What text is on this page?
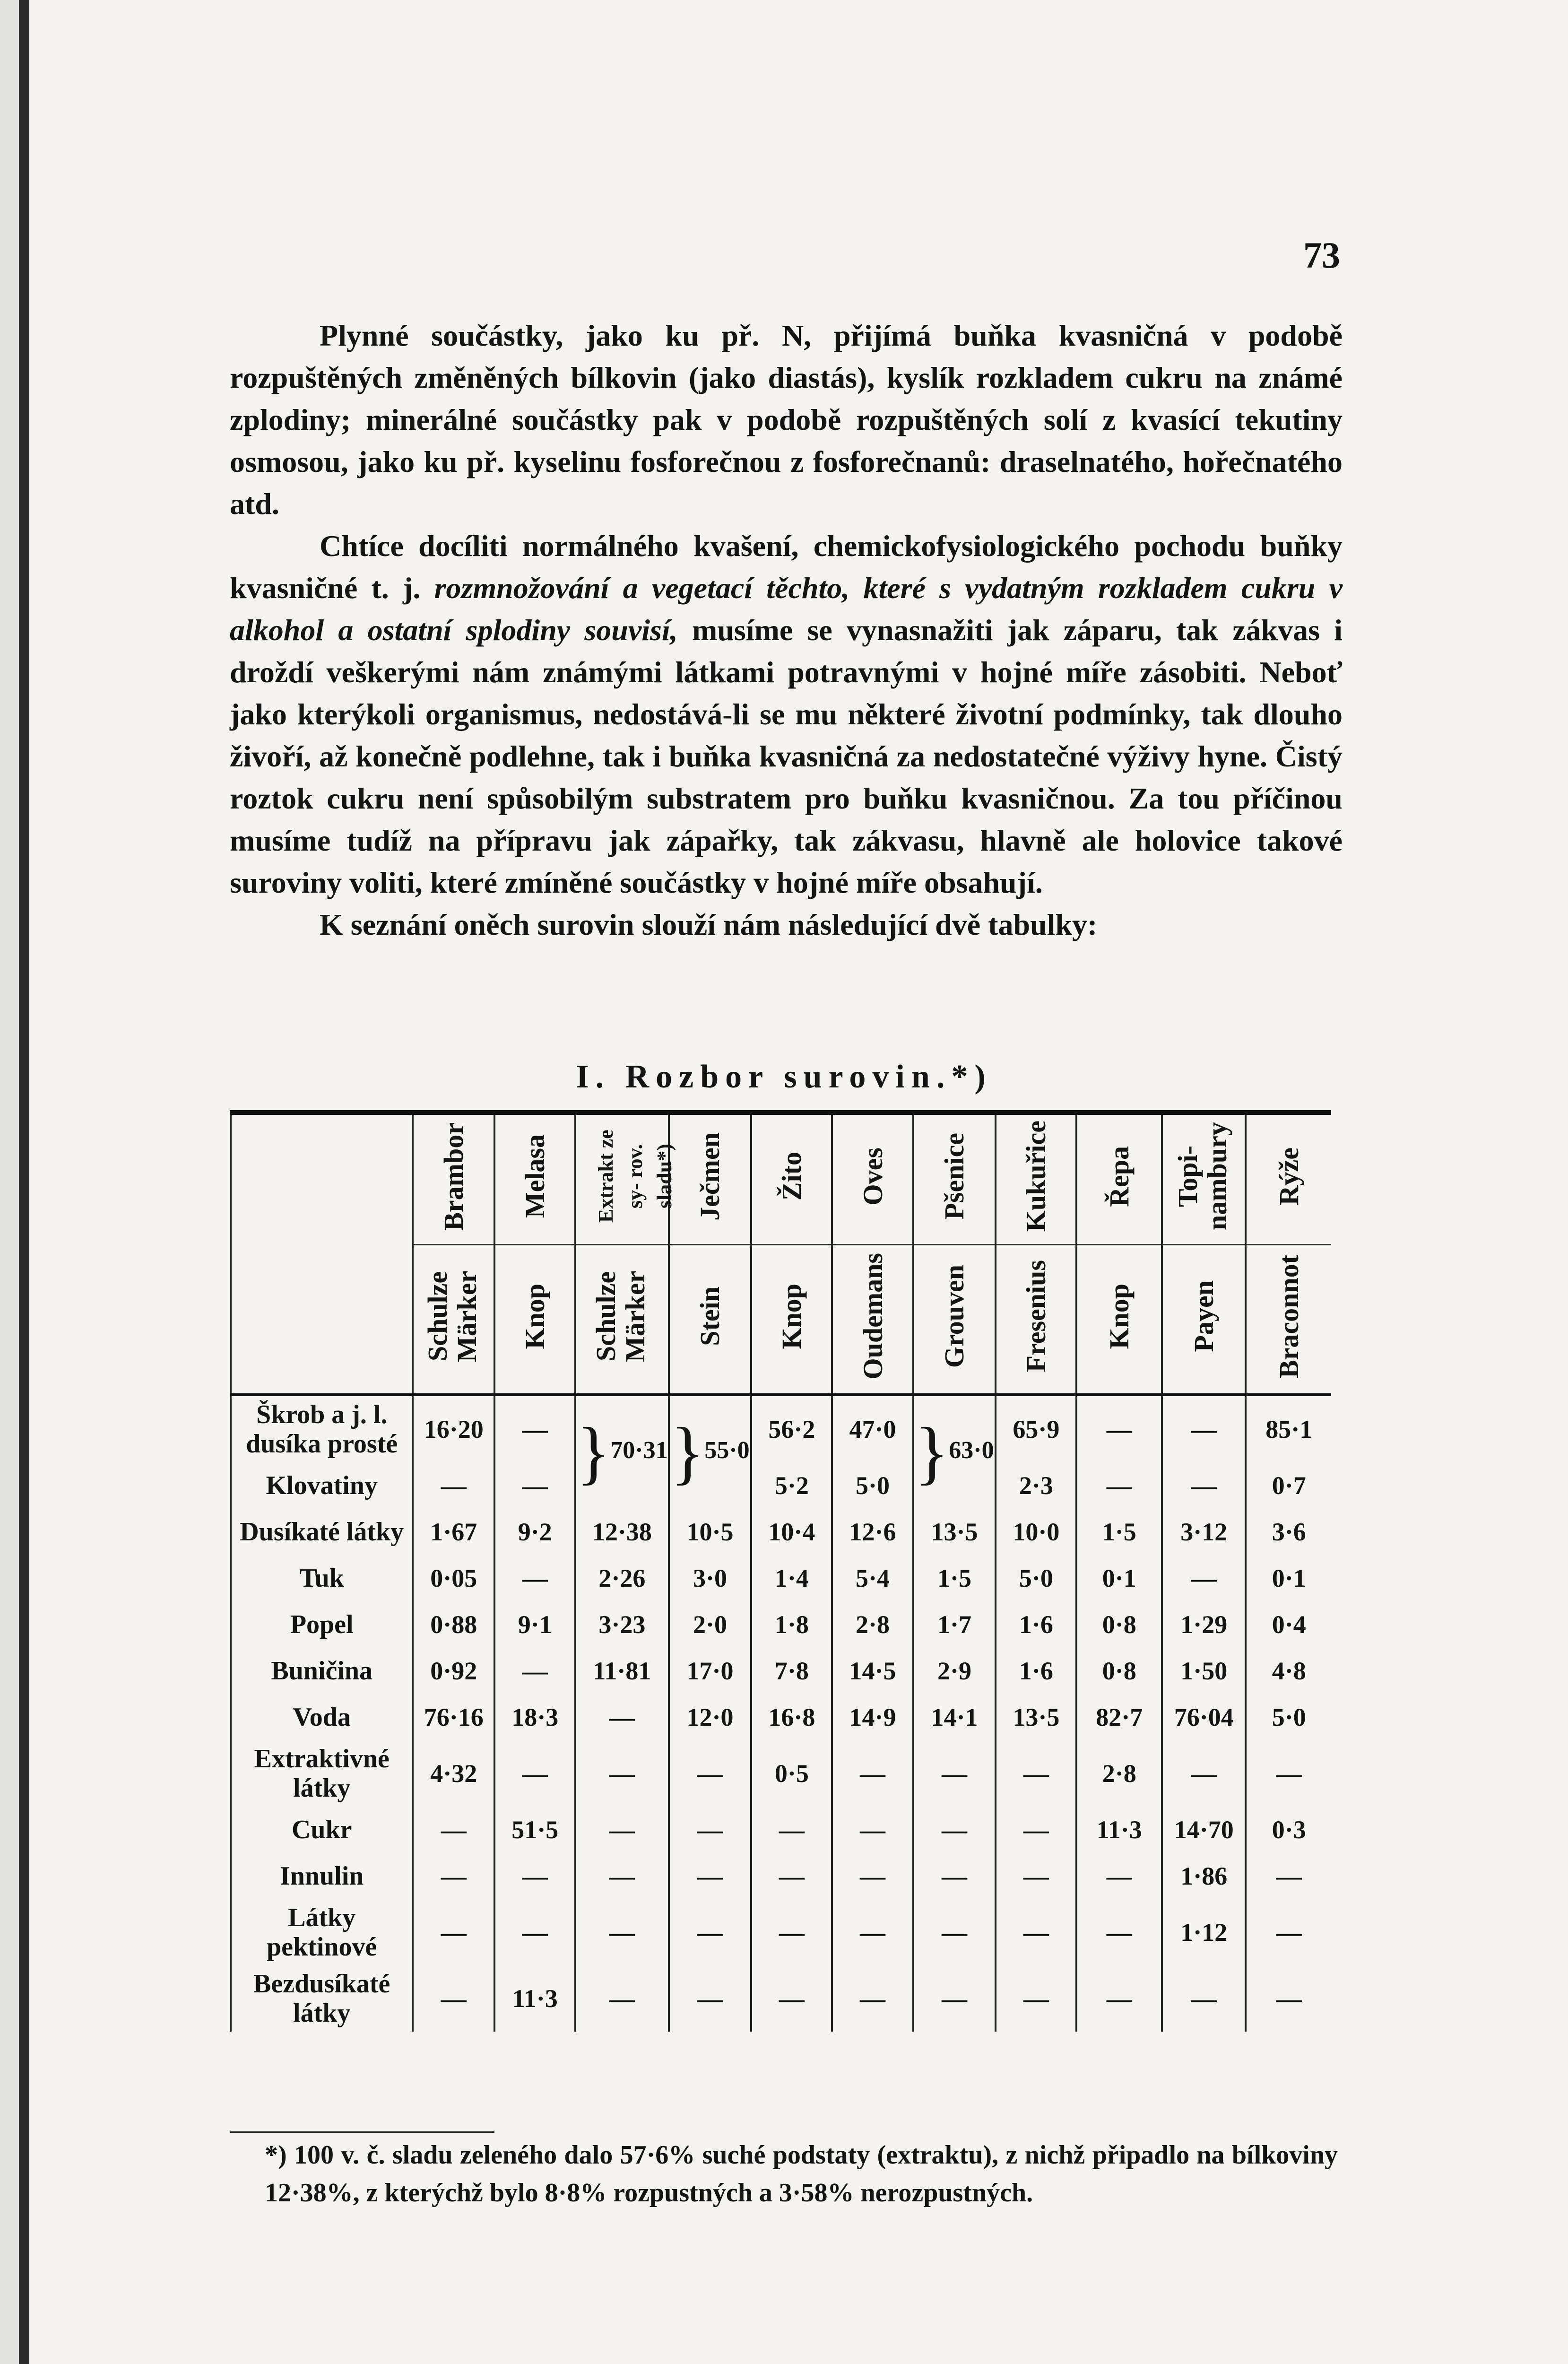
73

Plynné součástky, jako ku př. N, přijímá buňka kvasničná v podobě rozpuštěných změněných bílkovin (jako diastás), kyslík rozkladem cukru na známé zplodiny; minerálné součástky pak v podobě rozpuštěných solí z kvasící tekutiny osmosou, jako ku př. kyselinu fosforečnou z fosforečnanů: draselnatého, hořečnatého atd.

Chtíce docíliti normálného kvašení, chemickofysiologického pochodu buňky kvasničné t. j. rozmnožování a vegetací těchto, které s vydatným rozkladem cukru v alkohol a ostatní splodiny souvisí, musíme se vynasnažiti jak záparu, tak zákvas i droždí veškerými nám známými látkami potravnými v hojné míře zásobiti. Neboť jako kterýkoli organismus, nedostává-li se mu některé životní podmínky, tak dlouho živoří, až konečně podlehne, tak i buňka kvasničná za nedostatečné výživy hyne. Čistý roztok cukru není spůsobilým substratem pro buňku kvasničnou. Za tou příčinou musíme tudíž na přípravu jak zápařky, tak zákvasu, hlavně ale holovice takové suroviny voliti, které zmíněné součástky v hojné míře obsahují.

K seznání oněch surovin slouží nám následující dvě tabulky:

I. Rozbor surovin.*)
	Brambor	Melasa	Extrakt ze sy- rov. sladu*)	Ječmen	Žito	Oves	Pšenice	Kukuřice	Řepa	Topi- nambury	Rýže
	Schulze Märker	Knop	Schulze Märker	Stein	Knop	Oudemans	Grouven	Fresenius	Knop	Payen	Braconnot
Škrob a j. l. dusíka prosté	16·20	—	}70·31	}55·0	56·2	47·0	}63·0	65·9	—	—	85·1
Klovatiny	—	—			5·2	5·0		2·3	—	—	0·7
Dusíkaté látky	1·67	9·2	12·38	10·5	10·4	12·6	13·5	10·0	1·5	3·12	3·6
Tuk	0·05	—	2·26	3·0	1·4	5·4	1·5	5·0	0·1	—	0·1
Popel	0·88	9·1	3·23	2·0	1·8	2·8	1·7	1·6	0·8	1·29	0·4
Buničina	0·92	—	11·81	17·0	7·8	14·5	2·9	1·6	0·8	1·50	4·8
Voda	76·16	18·3	—	12·0	16·8	14·9	14·1	13·5	82·7	76·04	5·0
Extraktivné látky	4·32	—	—	—	0·5	—	—	—	2·8	—	—
Cukr	—	51·5	—	—	—	—	—	—	11·3	14·70	0·3
Innulin	—	—	—	—	—	—	—	—	—	1·86	—
Látky pektinové	—	—	—	—	—	—	—	—	—	1·12	—
Bezdusíkaté látky	—	11·3	—	—	—	—	—	—	—	—	—
*) 100 v. č. sladu zeleného dalo 57·6% suché podstaty (extraktu), z nichž připadlo na bílkoviny 12·38%, z kterýchž bylo 8·8% rozpustných a 3·58% nerozpustných.
